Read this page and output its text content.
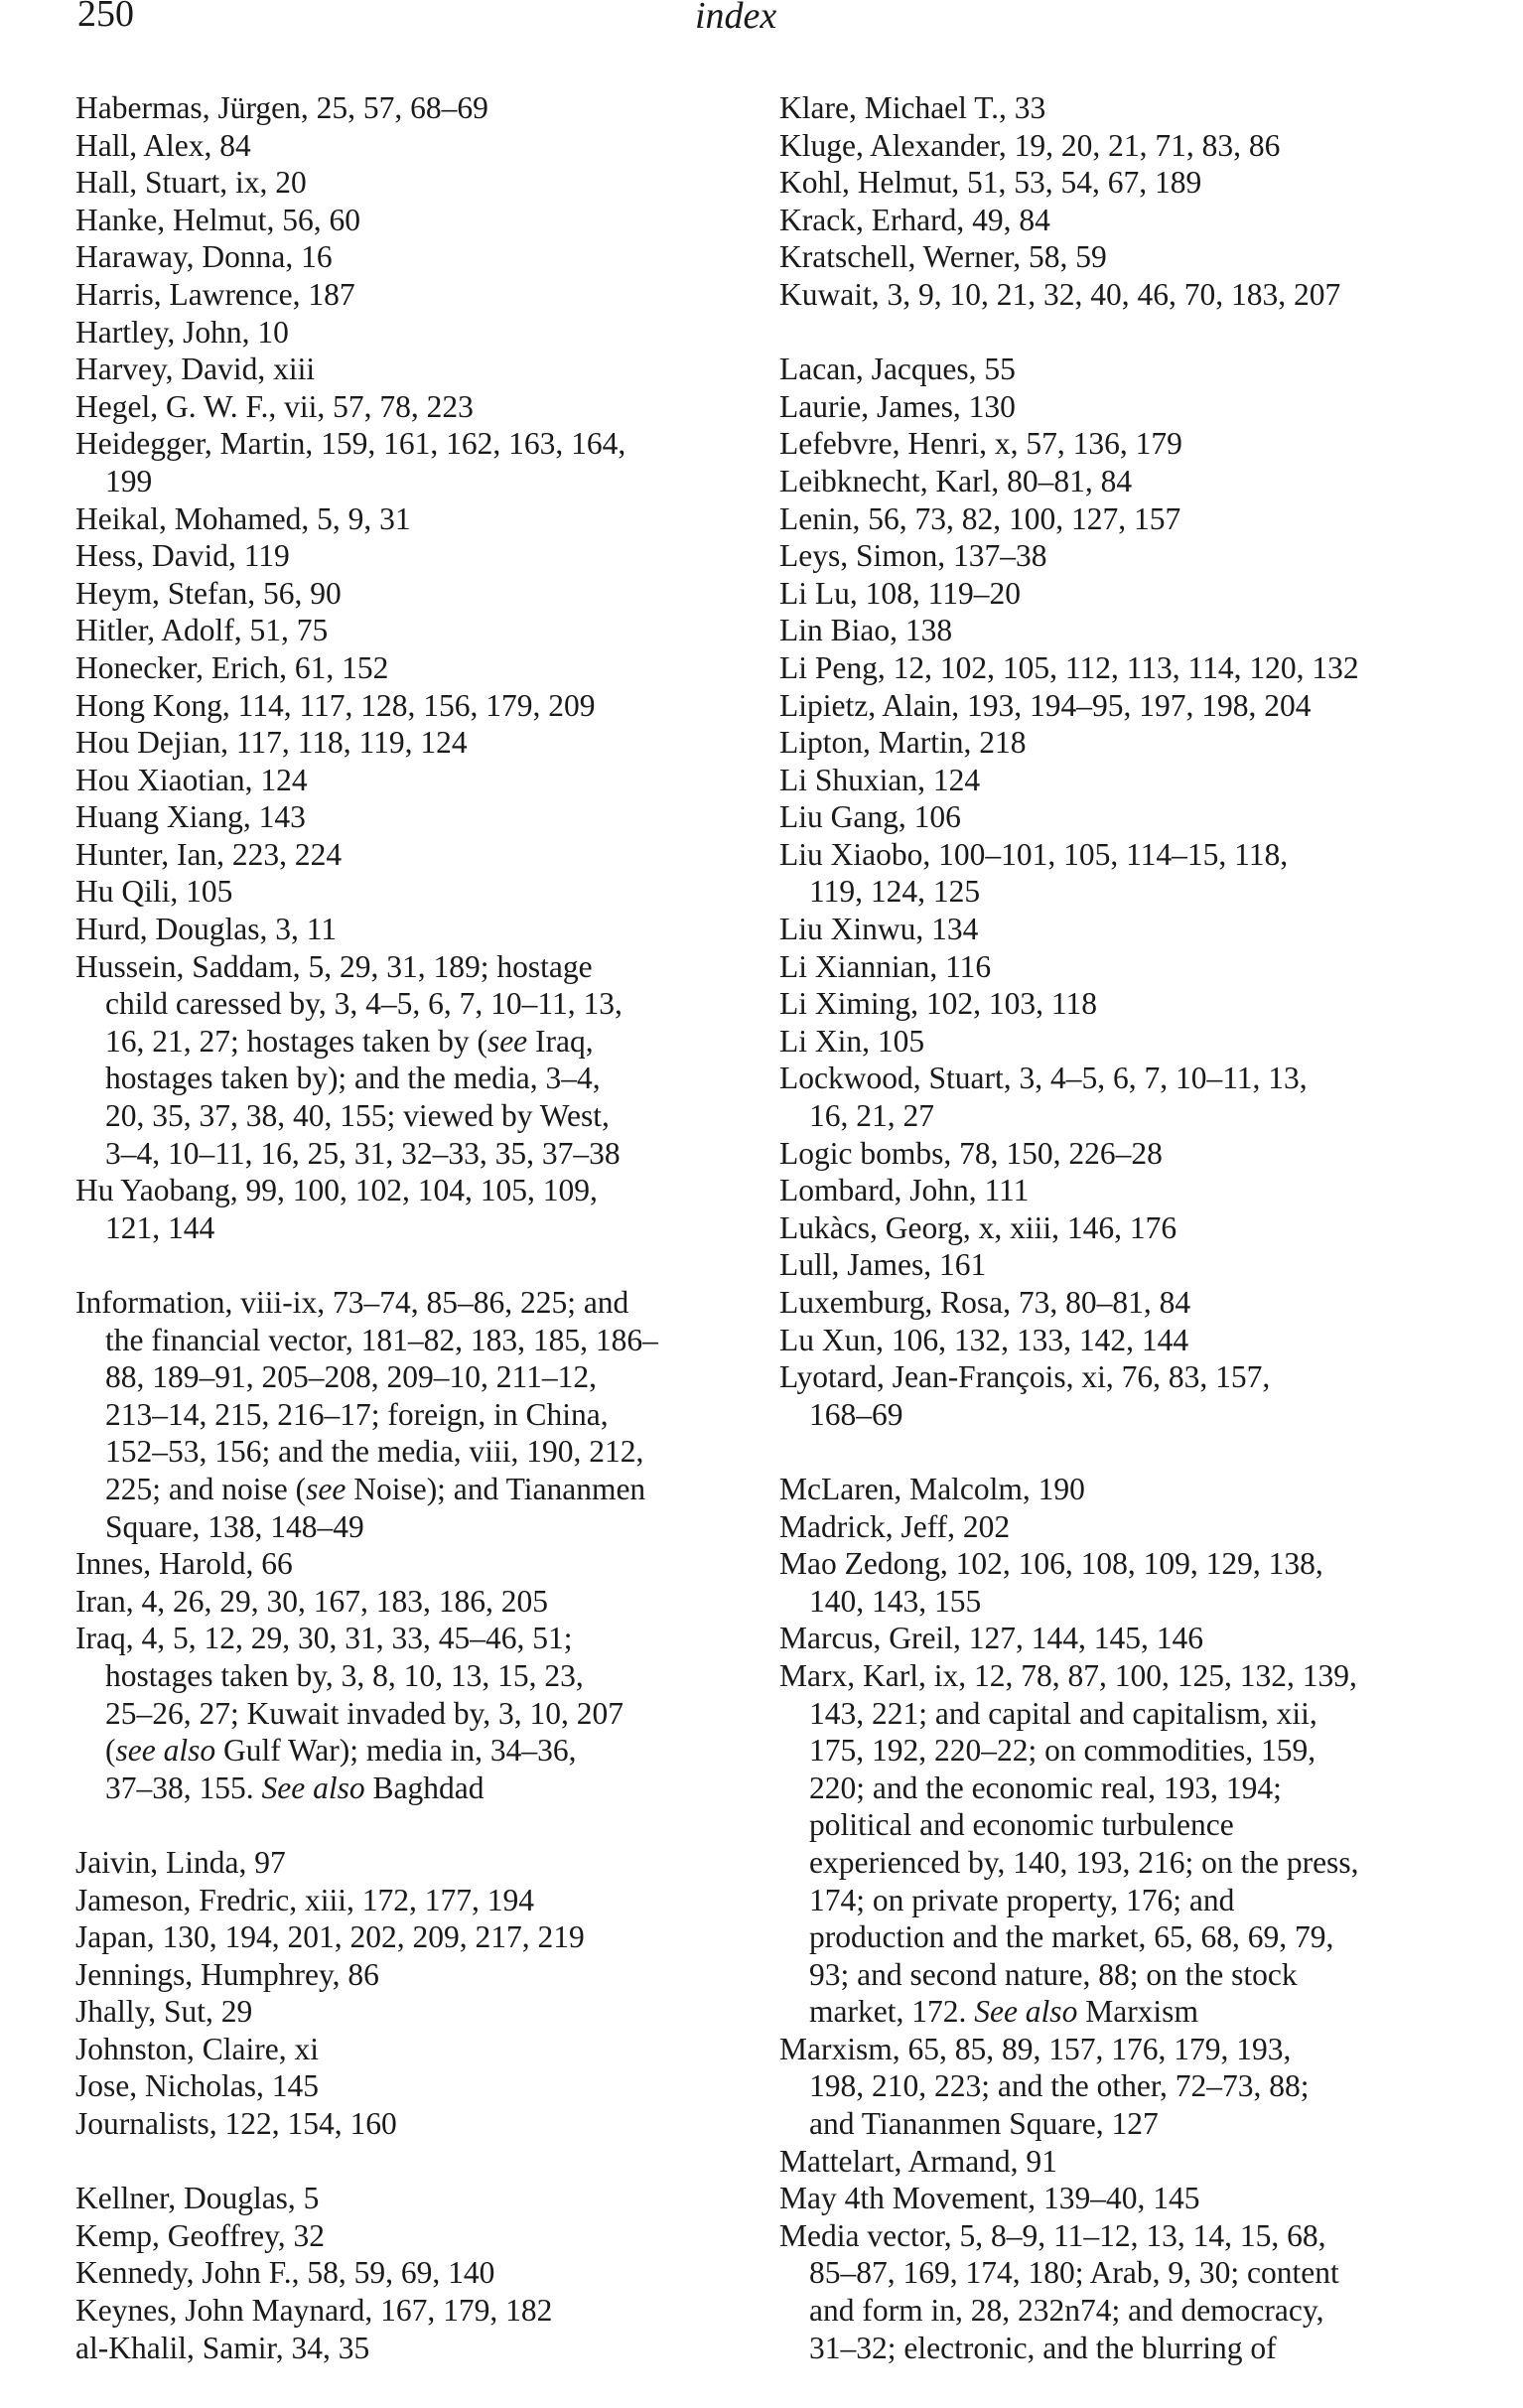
250	index
Habermas, Jürgen, 25, 57, 68–69
Hall, Alex, 84
Hall, Stuart, ix, 20
Hanke, Helmut, 56, 60
Haraway, Donna, 16
Harris, Lawrence, 187
Hartley, John, 10
Harvey, David, xiii
Hegel, G. W. F., vii, 57, 78, 223
Heidegger, Martin, 159, 161, 162, 163, 164,
199
Heikal, Mohamed, 5, 9, 31
Hess, David, 119
Heym, Stefan, 56, 90
Hitler, Adolf, 51, 75
Honecker, Erich, 61, 152
Hong Kong, 114, 117, 128, 156, 179, 209
Hou Dejian, 117, 118, 119, 124
Hou Xiaotian, 124
Huang Xiang, 143
Hunter, Ian, 223, 224
Hu Qili, 105
Hurd, Douglas, 3, 11
Hussein, Saddam, 5, 29, 31, 189; hostage
child caressed by, 3, 4–5, 6, 7, 10–11, 13,
16, 21, 27; hostages taken by (see Iraq,
hostages taken by); and the media, 3–4,
20, 35, 37, 38, 40, 155; viewed by West,
3–4, 10–11, 16, 25, 31, 32–33, 35, 37–38
Hu Yaobang, 99, 100, 102, 104, 105, 109,
121, 144
Information, viii-ix, 73–74, 85–86, 225; and
the financial vector, 181–82, 183, 185, 186–
88, 189–91, 205–208, 209–10, 211–12,
213–14, 215, 216–17; foreign, in China,
152–53, 156; and the media, viii, 190, 212,
225; and noise (see Noise); and Tiananmen
Square, 138, 148–49
Innes, Harold, 66
Iran, 4, 26, 29, 30, 167, 183, 186, 205
Iraq, 4, 5, 12, 29, 30, 31, 33, 45–46, 51;
hostages taken by, 3, 8, 10, 13, 15, 23,
25–26, 27; Kuwait invaded by, 3, 10, 207
(see also Gulf War); media in, 34–36,
37–38, 155. See also Baghdad
Jaivin, Linda, 97
Jameson, Fredric, xiii, 172, 177, 194
Japan, 130, 194, 201, 202, 209, 217, 219
Jennings, Humphrey, 86
Jhally, Sut, 29
Johnston, Claire, xi
Jose, Nicholas, 145
Journalists, 122, 154, 160
Kellner, Douglas, 5
Kemp, Geoffrey, 32
Kennedy, John F., 58, 59, 69, 140
Keynes, John Maynard, 167, 179, 182
al-Khalil, Samir, 34, 35
Klare, Michael T., 33
Kluge, Alexander, 19, 20, 21, 71, 83, 86
Kohl, Helmut, 51, 53, 54, 67, 189
Krack, Erhard, 49, 84
Kratschell, Werner, 58, 59
Kuwait, 3, 9, 10, 21, 32, 40, 46, 70, 183, 207
Lacan, Jacques, 55
Laurie, James, 130
Lefebvre, Henri, x, 57, 136, 179
Leibknecht, Karl, 80–81, 84
Lenin, 56, 73, 82, 100, 127, 157
Leys, Simon, 137–38
Li Lu, 108, 119–20
Lin Biao, 138
Li Peng, 12, 102, 105, 112, 113, 114, 120, 132
Lipietz, Alain, 193, 194–95, 197, 198, 204
Lipton, Martin, 218
Li Shuxian, 124
Liu Gang, 106
Liu Xiaobo, 100–101, 105, 114–15, 118,
119, 124, 125
Liu Xinwu, 134
Li Xiannian, 116
Li Ximing, 102, 103, 118
Li Xin, 105
Lockwood, Stuart, 3, 4–5, 6, 7, 10–11, 13,
16, 21, 27
Logic bombs, 78, 150, 226–28
Lombard, John, 111
Lukàcs, Georg, x, xiii, 146, 176
Lull, James, 161
Luxemburg, Rosa, 73, 80–81, 84
Lu Xun, 106, 132, 133, 142, 144
Lyotard, Jean-François, xi, 76, 83, 157,
168–69
McLaren, Malcolm, 190
Madrick, Jeff, 202
Mao Zedong, 102, 106, 108, 109, 129, 138,
140, 143, 155
Marcus, Greil, 127, 144, 145, 146
Marx, Karl, ix, 12, 78, 87, 100, 125, 132, 139,
143, 221; and capital and capitalism, xii,
175, 192, 220–22; on commodities, 159,
220; and the economic real, 193, 194;
political and economic turbulence
experienced by, 140, 193, 216; on the press,
174; on private property, 176; and
production and the market, 65, 68, 69, 79,
93; and second nature, 88; on the stock
market, 172. See also Marxism
Marxism, 65, 85, 89, 157, 176, 179, 193,
198, 210, 223; and the other, 72–73, 88;
and Tiananmen Square, 127
Mattelart, Armand, 91
May 4th Movement, 139–40, 145
Media vector, 5, 8–9, 11–12, 13, 14, 15, 68,
85–87, 169, 174, 180; Arab, 9, 30; content
and form in, 28, 232n74; and democracy,
31–32; electronic, and the blurring of
